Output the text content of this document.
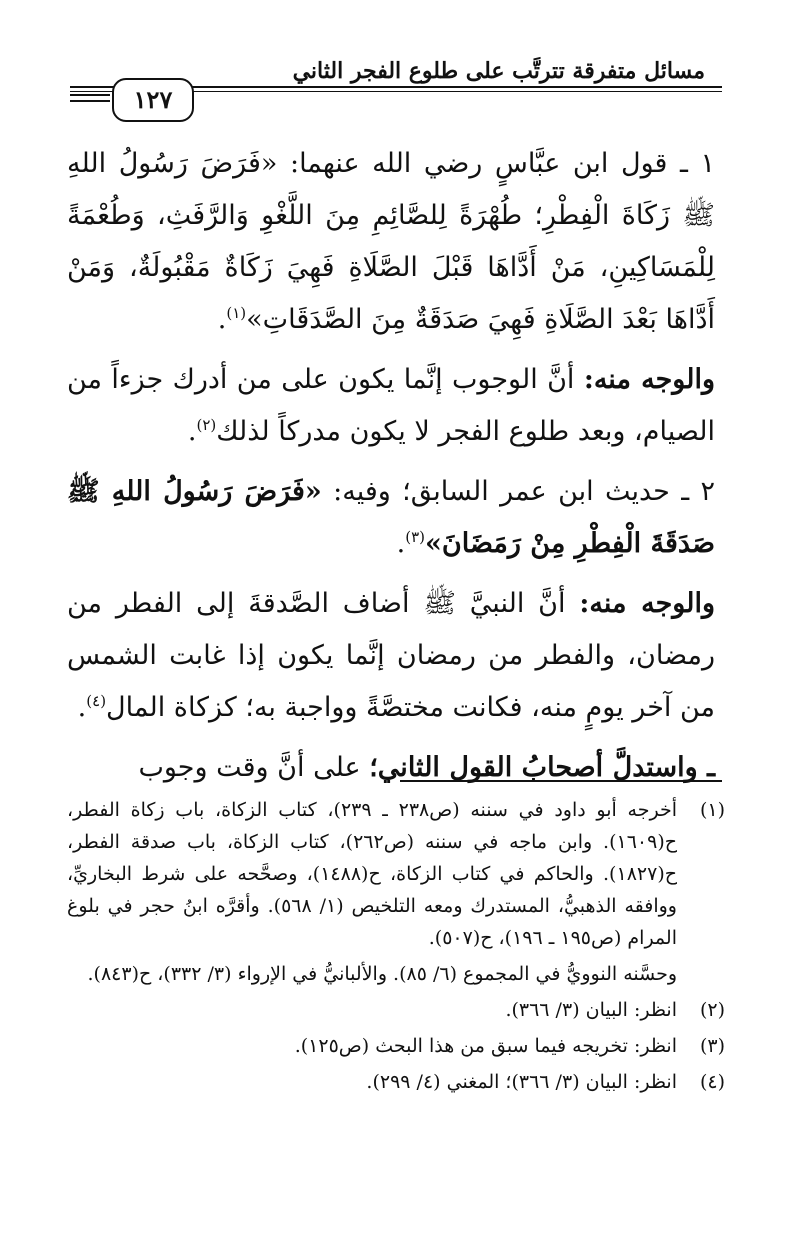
مسائل متفرقة تترتَّب على طلوع الفجر الثاني
١٢٧

١ ـ قول ابن عبَّاسٍ رضي الله عنهما: «فَرَضَ رَسُولُ اللهِ ﷺ زَكَاةَ الْفِطْرِ؛ طُهْرَةً لِلصَّائِمِ مِنَ اللَّغْوِ وَالرَّفَثِ، وَطُعْمَةً لِلْمَسَاكِينِ، مَنْ أَدَّاهَا قَبْلَ الصَّلَاةِ فَهِيَ زَكَاةٌ مَقْبُولَةٌ، وَمَنْ أَدَّاهَا بَعْدَ الصَّلَاةِ فَهِيَ صَدَقَةٌ مِنَ الصَّدَقَاتِ»$^{(١)}$.

والوجه منه: أنَّ الوجوب إنَّما يكون على من أدرك جزءاً من الصيام، وبعد طلوع الفجر لا يكون مدركاً لذلك$^{(٢)}$.

٢ ـ حديث ابن عمر السابق؛ وفيه: «فَرَضَ رَسُولُ اللهِ ﷺ صَدَقَةَ الْفِطْرِ مِنْ رَمَضَانَ»$^{(٣)}$.

والوجه منه: أنَّ النبيَّ ﷺ أضاف الصَّدقةَ إلى الفطر من رمضان، والفطر من رمضان إنَّما يكون إذا غابت الشمس من آخر يومٍ منه، فكانت مختصَّةً وواجبة به؛ كزكاة المال$^{(٤)}$.

ـ واستدلَّ أصحابُ القول الثاني؛ على أنَّ وقت وجوب

(١)
أخرجه أبو داود في سننه (ص٢٣٨ ـ ٢٣٩)، كتاب الزكاة، باب زكاة الفطر، ح(١٦٠٩). وابن ماجه في سننه (ص٢٦٢)، كتاب الزكاة، باب صدقة الفطر، ح(١٨٢٧). والحاكم في كتاب الزكاة، ح(١٤٨٨)، وصحَّحه على شرط البخاريِّ، ووافقه الذهبيُّ، المستدرك ومعه التلخيص (١/ ٥٦٨). وأقرَّه ابنُ حجر في بلوغ المرام (ص١٩٥ ـ ١٩٦)، ح(٥٠٧).
وحسَّنه النوويُّ في المجموع (٦/ ٨٥). والألبانيُّ في الإرواء (٣/ ٣٣٢)، ح(٨٤٣).
(٢)
انظر: البيان (٣/ ٣٦٦).
(٣)
انظر: تخريجه فيما سبق من هذا البحث (ص١٢٥).
(٤)
انظر: البيان (٣/ ٣٦٦)؛ المغني (٤/ ٢٩٩).
